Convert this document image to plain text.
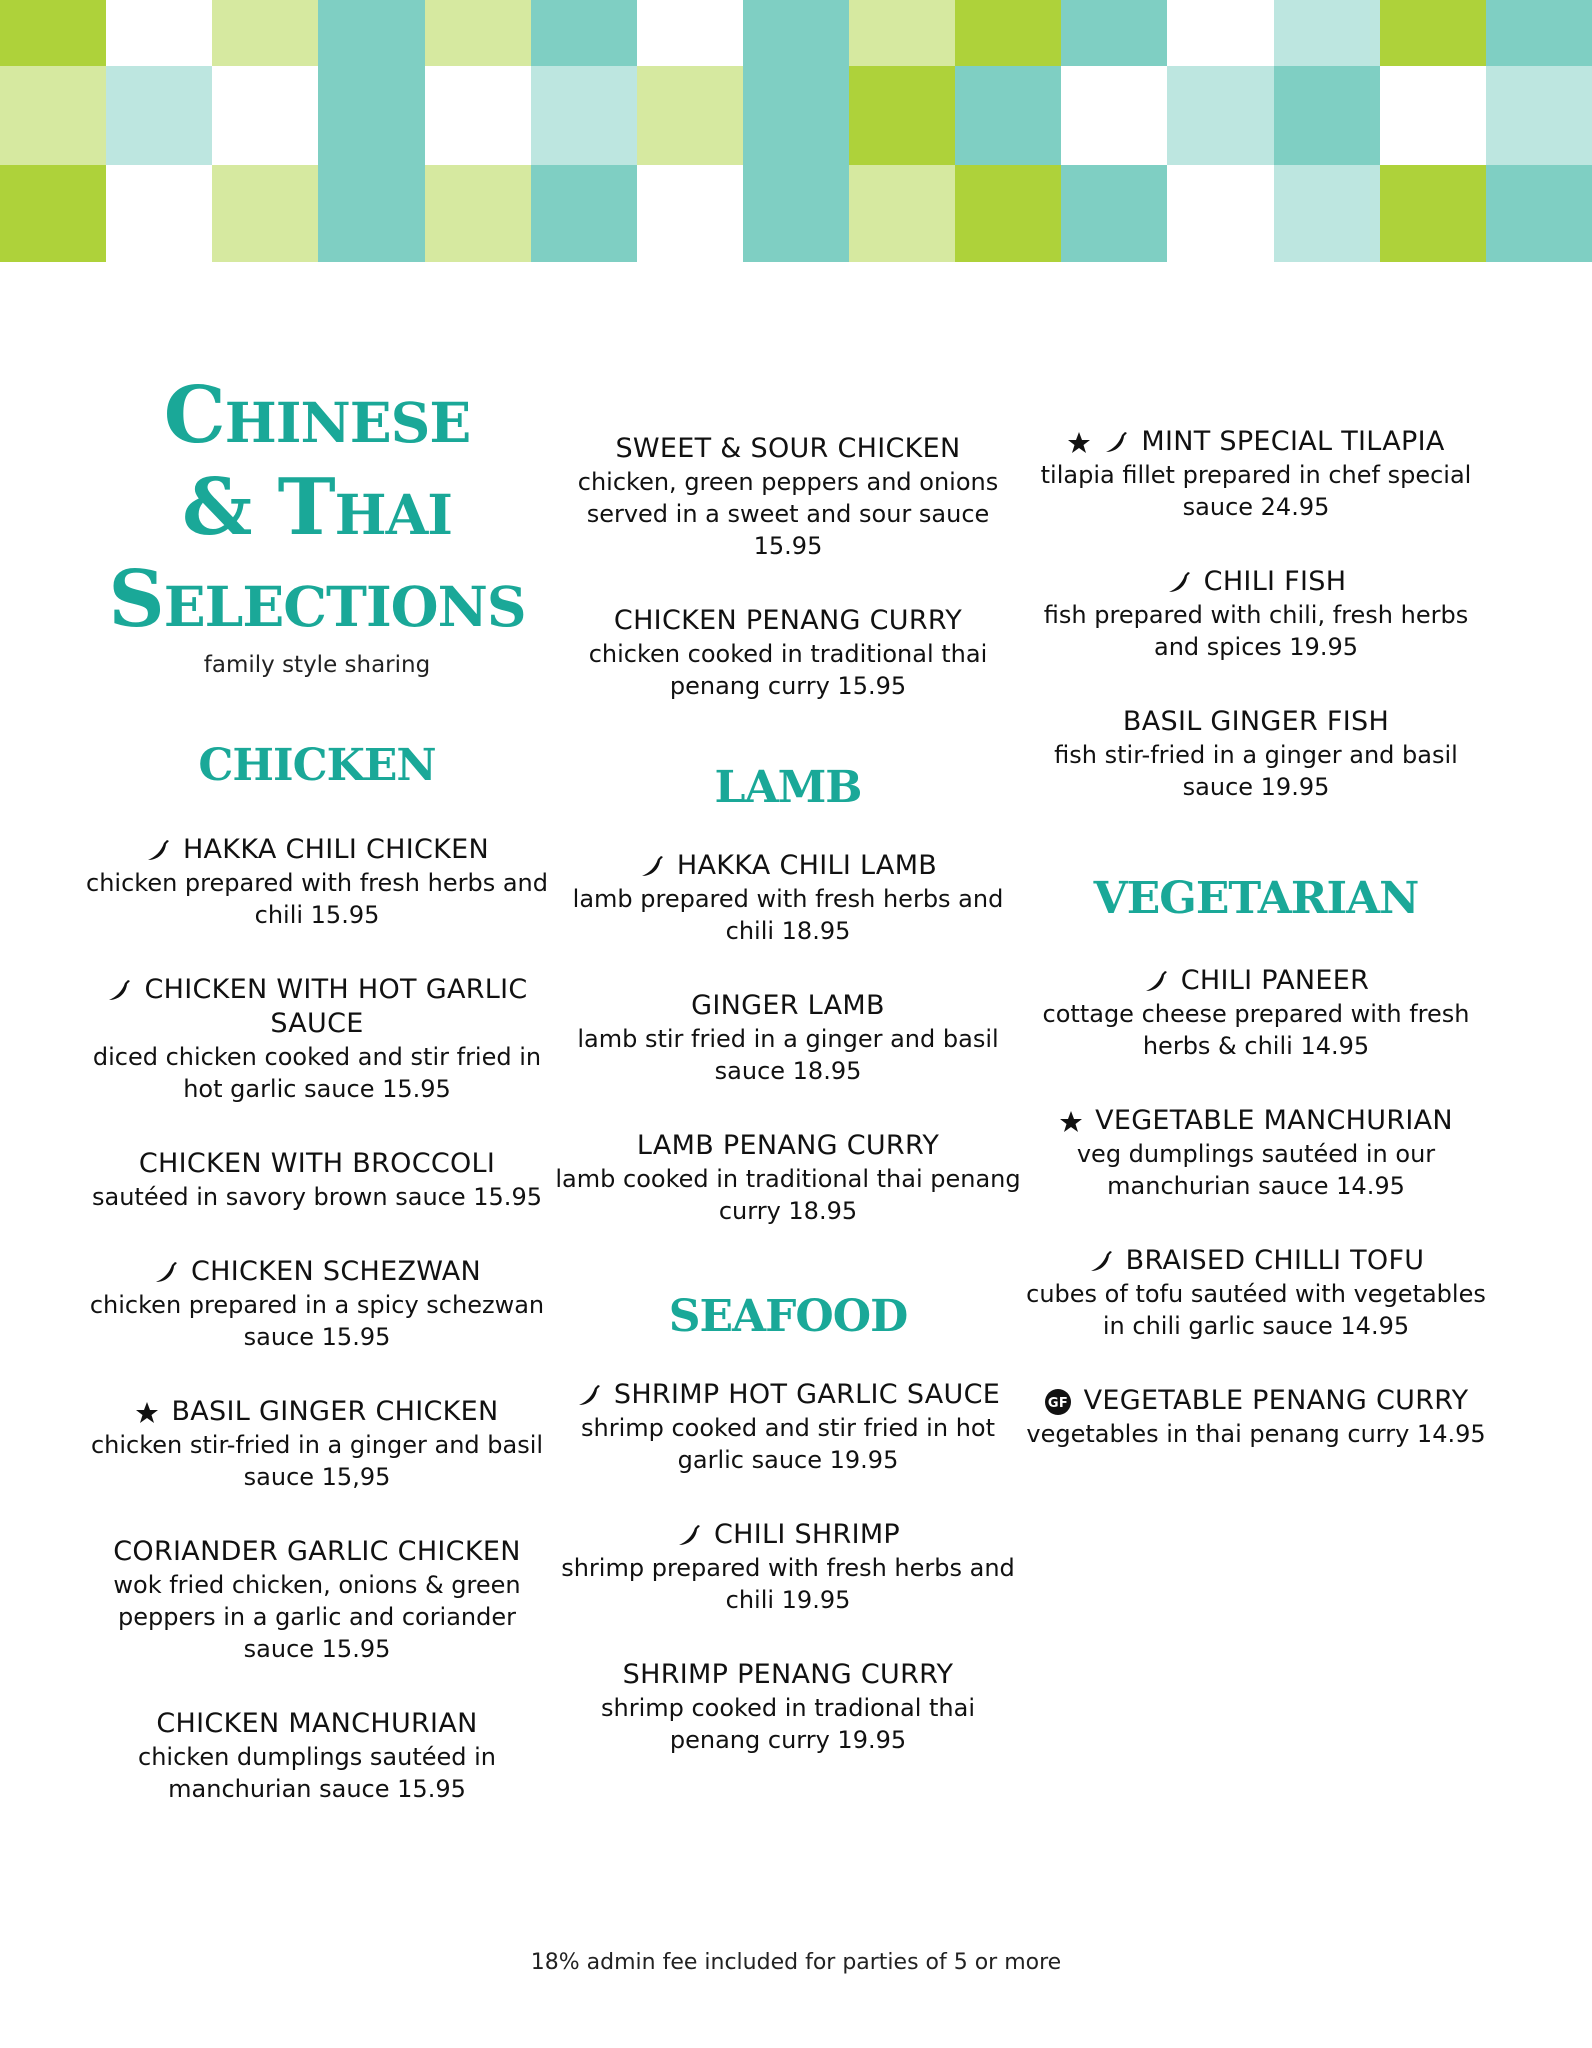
Chinese
& Thai
Selections
family style sharing
CHICKEN
HAKKA CHILI CHICKEN
chicken prepared with fresh herbs and chili 15.95
CHICKEN WITH HOT GARLIC SAUCE
diced chicken cooked and stir fried in hot garlic sauce 15.95
CHICKEN WITH BROCCOLI
sautéed in savory brown sauce 15.95
CHICKEN SCHEZWAN
chicken prepared in a spicy schezwan sauce 15.95
BASIL GINGER CHICKEN
chicken stir-fried in a ginger and basil sauce 15,95
CORIANDER GARLIC CHICKEN
wok fried chicken, onions & green peppers in a garlic and coriander sauce 15.95
CHICKEN MANCHURIAN
chicken dumplings sautéed in manchurian sauce 15.95
SWEET & SOUR CHICKEN
chicken, green peppers and onions served in a sweet and sour sauce 15.95
CHICKEN PENANG CURRY
chicken cooked in traditional thai penang curry 15.95
LAMB
HAKKA CHILI LAMB
lamb prepared with fresh herbs and chili 18.95
GINGER LAMB
lamb stir fried in a ginger and basil sauce 18.95
LAMB PENANG CURRY
lamb cooked in traditional thai penang curry 18.95
SEAFOOD
SHRIMP HOT GARLIC SAUCE
shrimp cooked and stir fried in hot garlic sauce 19.95
CHILI SHRIMP
shrimp prepared with fresh herbs and chili 19.95
SHRIMP PENANG CURRY
shrimp cooked in tradional thai penang curry 19.95
MINT SPECIAL TILAPIA
tilapia fillet prepared in chef special sauce 24.95
CHILI FISH
fish prepared with chili, fresh herbs and spices 19.95
BASIL GINGER FISH
fish stir-fried in a ginger and basil sauce 19.95
VEGETARIAN
CHILI PANEER
cottage cheese prepared with fresh herbs & chili 14.95
VEGETABLE MANCHURIAN
veg dumplings sautéed in our manchurian sauce 14.95
BRAISED CHILLI TOFU
cubes of tofu sautéed with vegetables in chili garlic sauce 14.95
GF VEGETABLE PENANG CURRY
vegetables in thai penang curry 14.95
18% admin fee included for parties of 5 or more
